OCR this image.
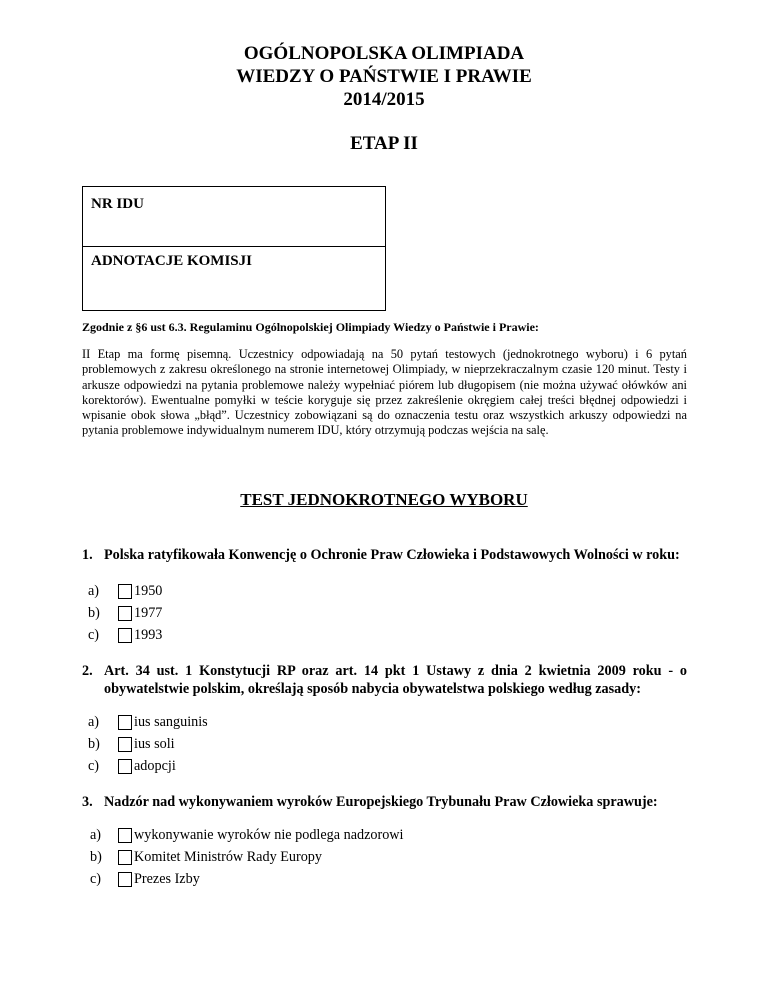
OGÓLNOPOLSKA OLIMPIADA
WIEDZY O PAŃSTWIE I PRAWIE
2014/2015
ETAP II
NR IDU
ADNOTACJE KOMISJI
Zgodnie z §6 ust 6.3. Regulaminu Ogólnopolskiej Olimpiady Wiedzy o Państwie i Prawie:
II Etap ma formę pisemną. Uczestnicy odpowiadają na 50 pytań testowych (jednokrotnego wyboru) i 6 pytań problemowych z zakresu określonego na stronie internetowej Olimpiady, w nieprzekraczalnym czasie 120 minut. Testy i arkusze odpowiedzi na pytania problemowe należy wypełniać piórem lub długopisem (nie można używać ołówków ani korektorów). Ewentualne pomyłki w teście koryguje się przez zakreślenie okręgiem całej treści błędnej odpowiedzi i wpisanie obok słowa „błąd”. Uczestnicy zobowiązani są do oznaczenia testu oraz wszystkich arkuszy odpowiedzi na pytania problemowe indywidualnym numerem IDU, który otrzymują podczas wejścia na salę.
TEST JEDNOKROTNEGO WYBORU
1. Polska ratyfikowała Konwencję o Ochronie Praw Człowieka i Podstawowych Wolności w roku:
a)	1950
b)	1977
c)	1993
2. Art. 34 ust. 1 Konstytucji RP oraz art. 14 pkt 1 Ustawy z dnia 2 kwietnia 2009 roku - o obywatelstwie polskim, określają sposób nabycia obywatelstwa polskiego według zasady:
a)	ius sanguinis
b)	ius soli
c)	adopcji
3. Nadzór nad wykonywaniem wyroków Europejskiego Trybunału Praw Człowieka sprawuje:
a)	wykonywanie wyroków nie podlega nadzorowi
b)	Komitet Ministrów Rady Europy
c)	Prezes Izby
